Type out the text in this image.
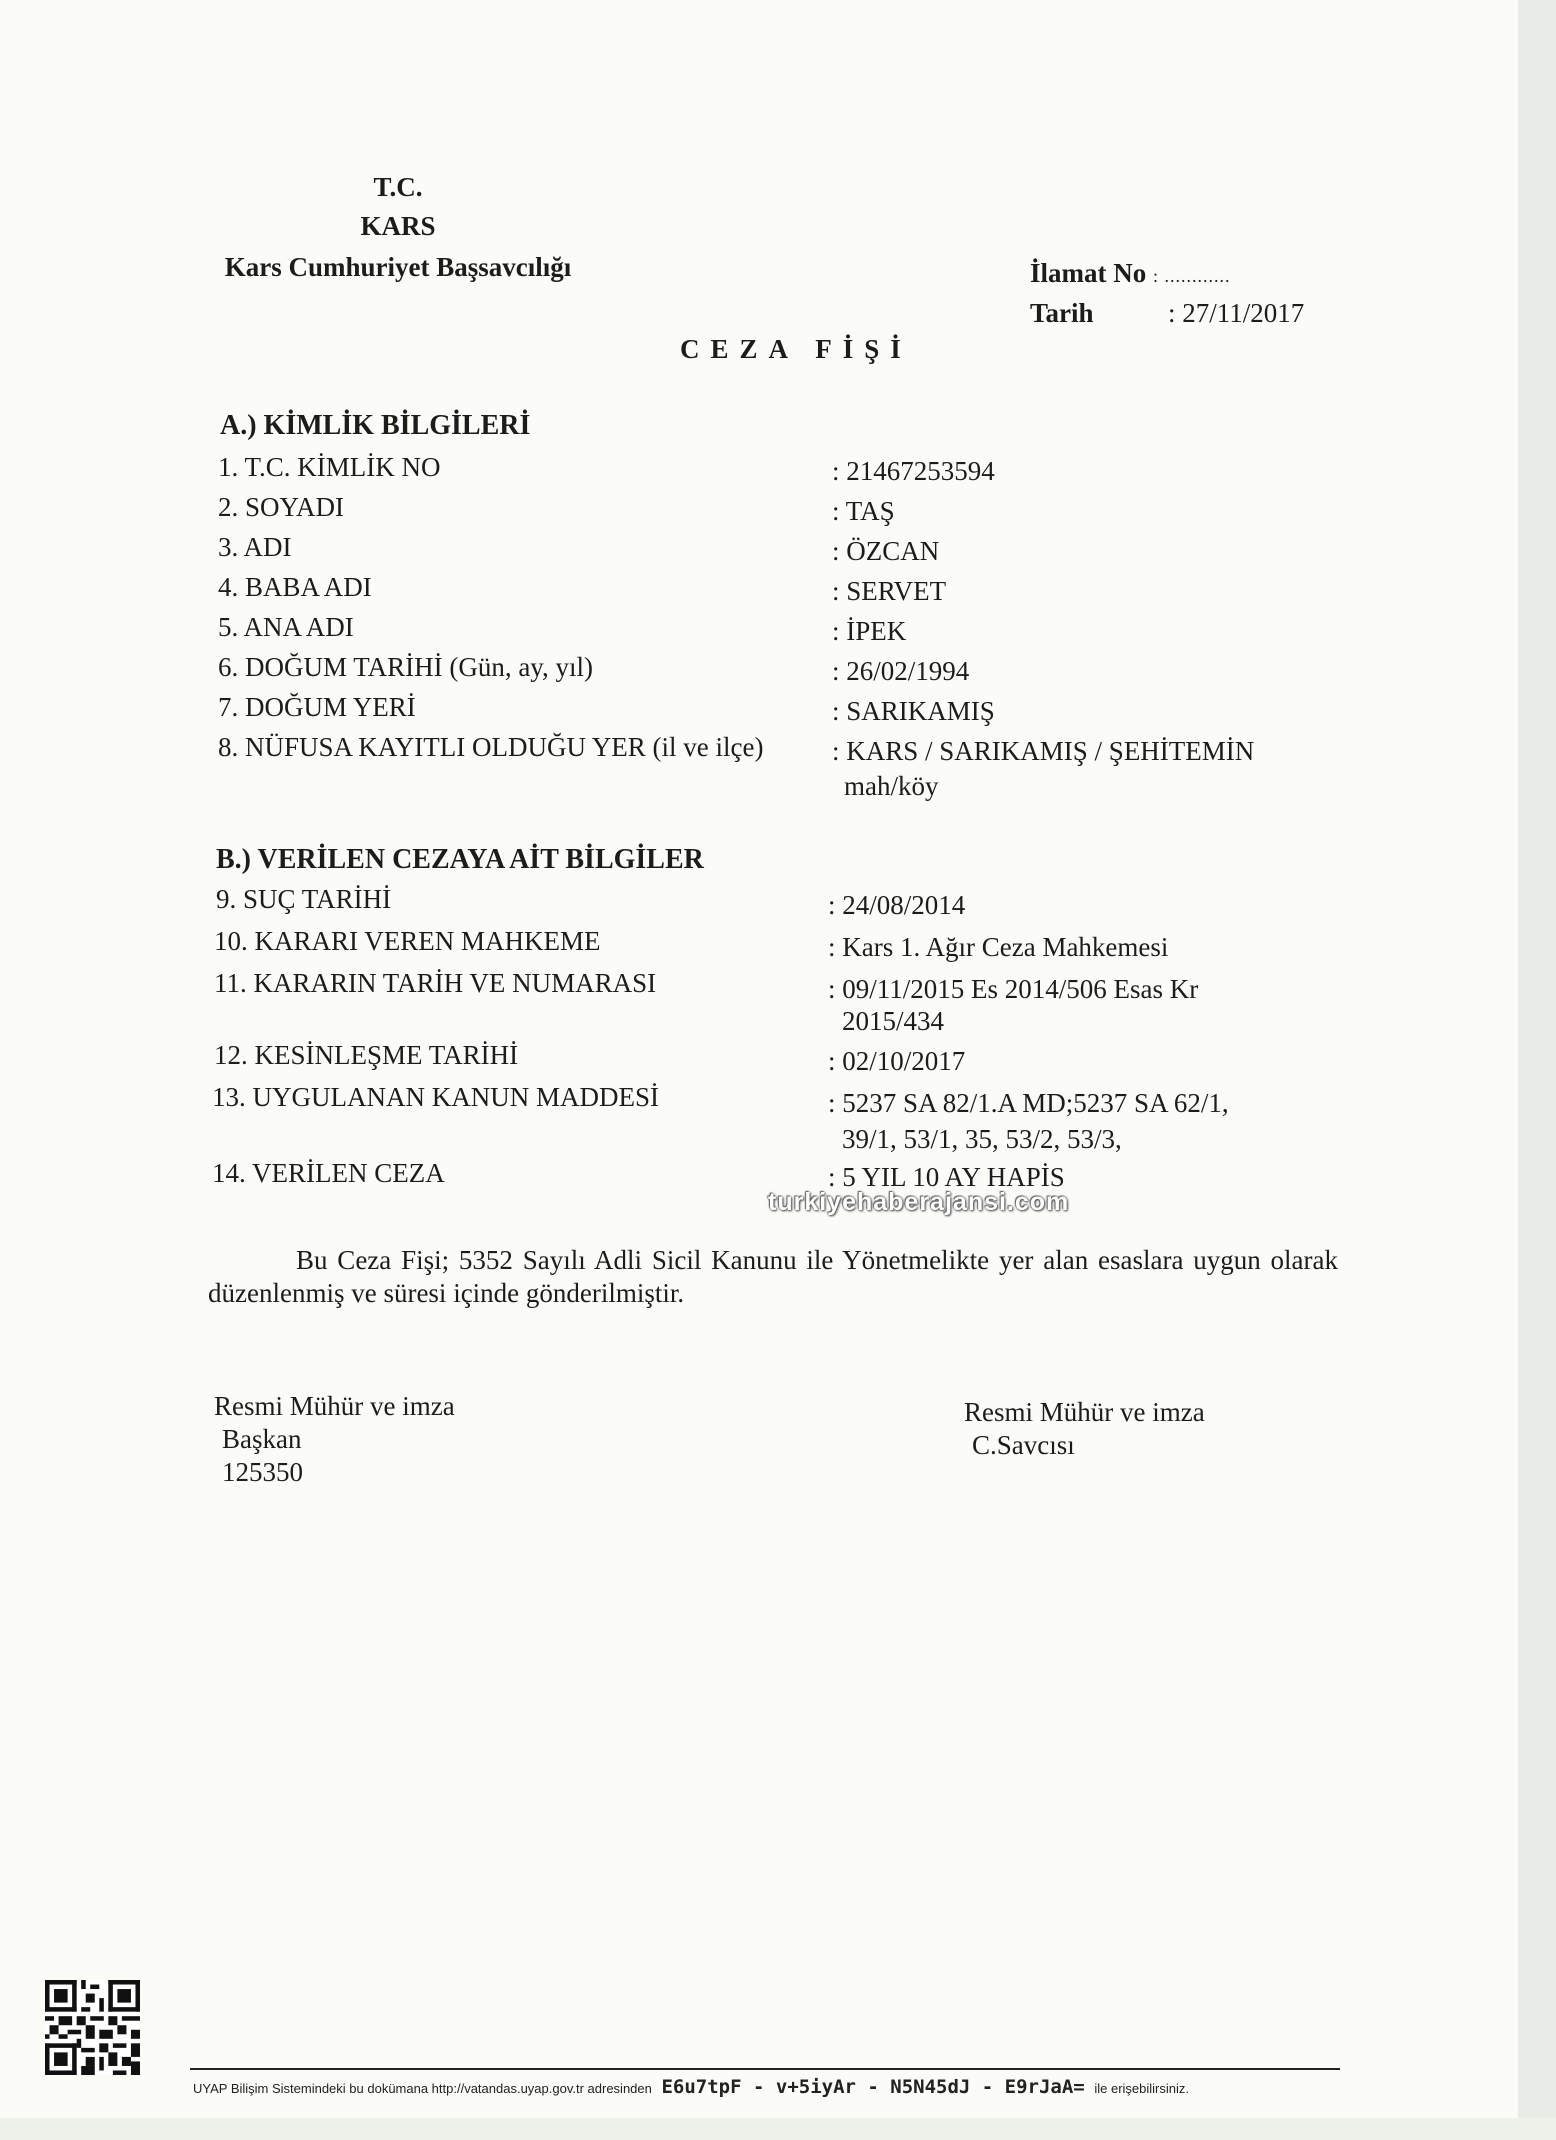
T.C.
KARS
Kars Cumhuriyet Başsavcılığı	İlamat No : ............
Tarih	: 27/11/2017
CEZA FİŞİ
A.) KİMLİK BİLGİLERİ
1. T.C. KİMLİK NO	: 21467253594
2. SOYADI	: TAŞ
3. ADI	: ÖZCAN
4. BABA ADI	: SERVET
5. ANA ADI	: İPEK
6. DOĞUM TARİHİ (Gün, ay, yıl)	: 26/02/1994
7. DOĞUM YERİ	: SARIKAMIŞ
8. NÜFUSA KAYITLI OLDUĞU YER (il ve ilçe)	: KARS / SARIKAMIŞ / ŞEHİTEMİN
mah/köy
B.) VERİLEN CEZAYA AİT BİLGİLER
9. SUÇ TARİHİ	: 24/08/2014
10. KARARI VEREN MAHKEME	: Kars 1. Ağır Ceza Mahkemesi
11. KARARIN TARİH VE NUMARASI	: 09/11/2015 Es 2014/506 Esas Kr
2015/434
12. KESİNLEŞME TARİHİ	: 02/10/2017
13. UYGULANAN KANUN MADDESİ	: 5237 SA 82/1.A MD;5237 SA 62/1,
39/1, 53/1, 35, 53/2, 53/3,
14. VERİLEN CEZA	: 5 YIL 10 AY HAPİS
turkiyehaberajansi.com
Bu Ceza Fişi; 5352 Sayılı Adli Sicil Kanunu ile Yönetmelikte yer alan esaslara uygun olarak düzenlenmiş ve süresi içinde gönderilmiştir.
Resmi Mühür ve imza
Başkan
125350
Resmi Mühür ve imza
C.Savcısı
UYAP Bilişim Sistemindeki bu dokümana http://vatandas.uyap.gov.tr adresinden E6u7tpF - v+5iyAr - N5N45dJ - E9rJaA= ile erişebilirsiniz.
